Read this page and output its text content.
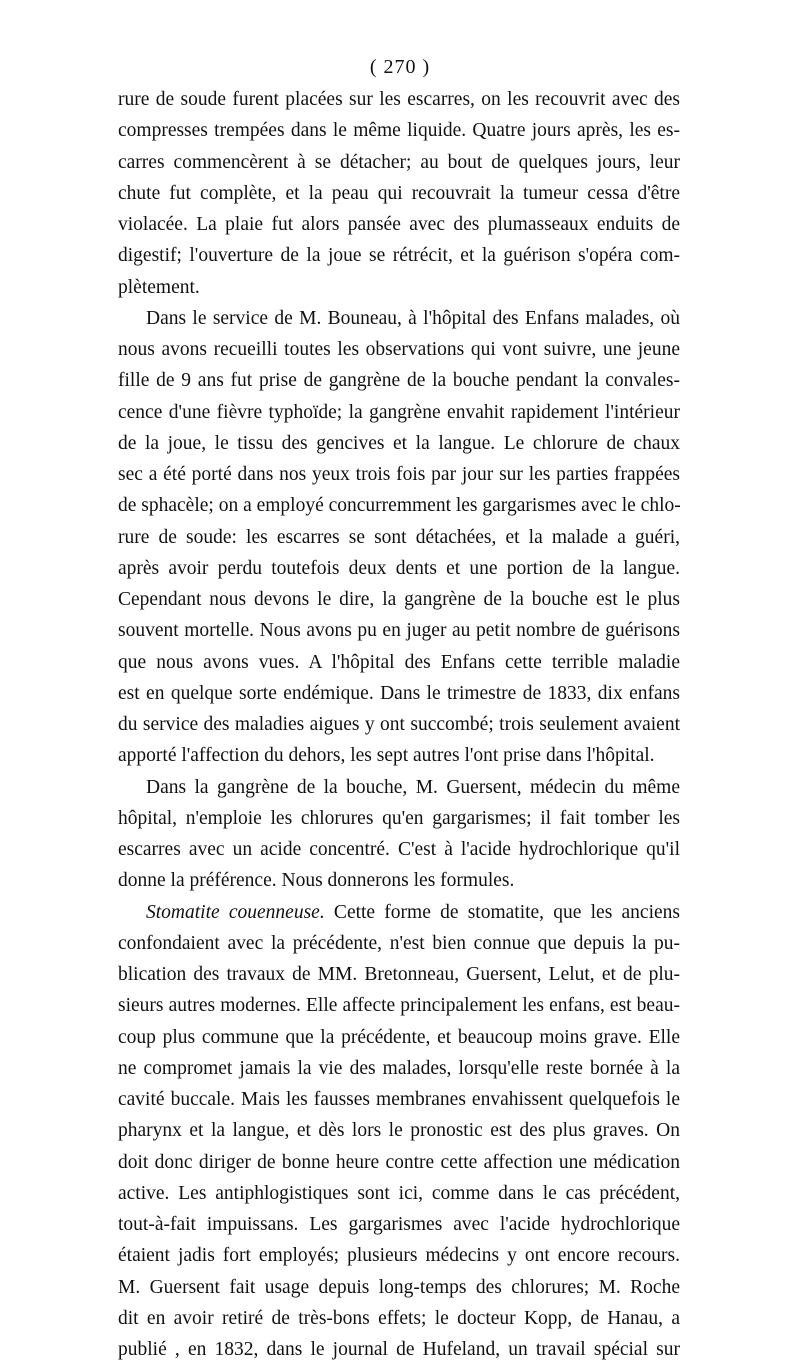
( 270 )
rure de soude furent placées sur les escarres, on les recouvrit avec des
compresses trempées dans le même liquide. Quatre jours après, les es-
carres commencèrent à se détacher; au bout de quelques jours, leur
chute fut complète, et la peau qui recouvrait la tumeur cessa d'être
violacée. La plaie fut alors pansée avec des plumasseaux enduits de
digestif; l'ouverture de la joue se rétrécit, et la guérison s'opéra com-
plètement.
Dans le service de M. Bouneau, à l'hôpital des Enfans malades, où
nous avons recueilli toutes les observations qui vont suivre, une jeune
fille de 9 ans fut prise de gangrène de la bouche pendant la convales-
cence d'une fièvre typhoïde; la gangrène envahit rapidement l'intérieur
de la joue, le tissu des gencives et la langue. Le chlorure de chaux
sec a été porté dans nos yeux trois fois par jour sur les parties frappées
de sphacèle; on a employé concurremment les gargarismes avec le chlo-
rure de soude: les escarres se sont détachées, et la malade a guéri,
après avoir perdu toutefois deux dents et une portion de la langue.
Cependant nous devons le dire, la gangrène de la bouche est le plus
souvent mortelle. Nous avons pu en juger au petit nombre de guérisons
que nous avons vues. A l'hôpital des Enfans cette terrible maladie
est en quelque sorte endémique. Dans le trimestre de 1833, dix enfans
du service des maladies aigues y ont succombé; trois seulement avaient
apporté l'affection du dehors, les sept autres l'ont prise dans l'hôpital.
Dans la gangrène de la bouche, M. Guersent, médecin du même
hôpital, n'emploie les chlorures qu'en gargarismes; il fait tomber les
escarres avec un acide concentré. C'est à l'acide hydrochlorique qu'il
donne la préférence. Nous donnerons les formules.
Stomatite couenneuse. Cette forme de stomatite, que les anciens
confondaient avec la précédente, n'est bien connue que depuis la pu-
blication des travaux de MM. Bretonneau, Guersent, Lelut, et de plu-
sieurs autres modernes. Elle affecte principalement les enfans, est beau-
coup plus commune que la précédente, et beaucoup moins grave. Elle
ne compromet jamais la vie des malades, lorsqu'elle reste bornée à la
cavité buccale. Mais les fausses membranes envahissent quelquefois le
pharynx et la langue, et dès lors le pronostic est des plus graves. On
doit donc diriger de bonne heure contre cette affection une médication
active. Les antiphlogistiques sont ici, comme dans le cas précédent,
tout-à-fait impuissans. Les gargarismes avec l'acide hydrochlorique
étaient jadis fort employés; plusieurs médecins y ont encore recours.
M. Guersent fait usage depuis long-temps des chlorures; M. Roche
dit en avoir retiré de très-bons effets; le docteur Kopp, de Hanau, a
publié , en 1832, dans le journal de Hufeland, un travail spécial sur
